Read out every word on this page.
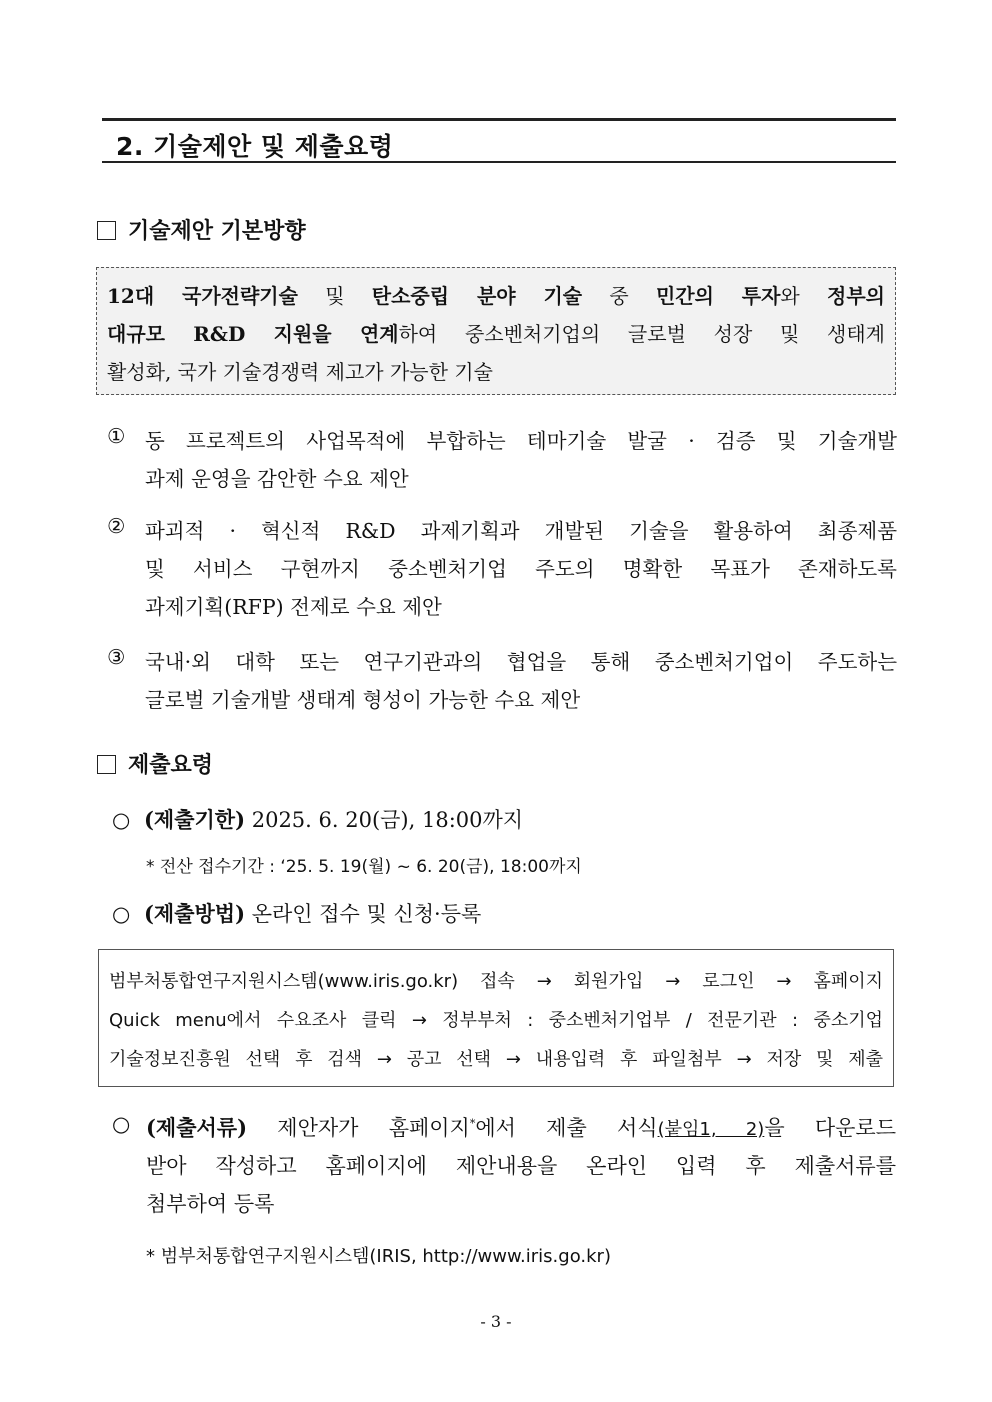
2. 기술제안 및 제출요령
기술제안 기본방향
12대 국가전략기술 및 탄소중립 분야 기술 중 민간의 투자와 정부의
대규모 R&D 지원을 연계하여 중소벤처기업의 글로벌 성장 및 생태계
활성화, 국가 기술경쟁력 제고가 가능한 기술
① 동 프로젝트의 사업목적에 부합하는 테마기술 발굴 · 검증 및 기술개발
과제 운영을 감안한 수요 제안
② 파괴적 · 혁신적 R&D 과제기획과 개발된 기술을 활용하여 최종제품
및 서비스 구현까지 중소벤처기업 주도의 명확한 목표가 존재하도록
과제기획(RFP) 전제로 수요 제안
③ 국내·외 대학 또는 연구기관과의 협업을 통해 중소벤처기업이 주도하는
글로벌 기술개발 생태계 형성이 가능한 수요 제안
제출요령
○ (제출기한) 2025. 6. 20(금), 18:00까지
* 전산 접수기간 : ‘25. 5. 19(월) ~ 6. 20(금), 18:00까지
○ (제출방법) 온라인 접수 및 신청·등록
범부처통합연구지원시스템(www.iris.go.kr) 접속 → 회원가입 → 로그인 → 홈페이지
Quick menu에서 수요조사 클릭 → 정부부처 : 중소벤처기업부 / 전문기관 : 중소기업
기술정보진흥원 선택 후 검색 → 공고 선택 → 내용입력 후 파일첨부 → 저장 및 제출
○ (제출서류) 제안자가 홈페이지*에서 제출 서식(붙임1, 2)을 다운로드
받아 작성하고 홈페이지에 제안내용을 온라인 입력 후 제출서류를
첨부하여 등록
* 범부처통합연구지원시스템(IRIS, http://www.iris.go.kr)
- 3 -
